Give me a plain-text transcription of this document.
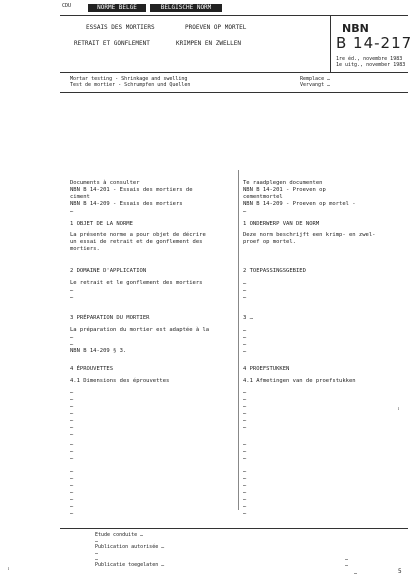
CDU	NORME BELGE	BELGISCHE NORM
NBN
B 14-217
1re éd., novembre 1983
1e uitg., november 1983
ESSAIS DES MORTIERS
RETRAIT ET GONFLEMENT
PROEVEN OP MORTEL
KRIMPEN EN ZWELLEN
Mortar testing - Shrinkage and swelling
Test de mortier - Schrumpfen und Quellen
Remplace …
Vervangt …
…
…
Documents à consulter
NBN B 14-201 - Essais des mortiers de
ciment
NBN B 14-209 - Essais des mortiers
…
1 OBJET DE LA NORME
La présente norme a pour objet de décrire
un essai de retrait et de gonflement des
mortiers.
2 DOMAINE D'APPLICATION
Le retrait et le gonflement des mortiers
…
…
3 PRÉPARATION DU MORTIER
La préparation du mortier est adaptée à la
…
…
NBN B 14-209 § 3.
4 ÉPROUVETTES
4.1 Dimensions des éprouvettes
…
…
…
…
…
…
…
…
…
…
…
…
…
…
…
…
…
Te raadplegen documenten
NBN B 14-201 - Proeven op
cementmortel
NBN B 14-209 - Proeven op mortel -
…
1 ONDERWERP VAN DE NORM
Deze norm beschrijft een krimp- en zwel-
proef op mortel.
2 TOEPASSINGSGEBIED
…
…
…
3 …
…
…
…
…
4 PROEFSTUKKEN
4.1 Afmetingen van de proefstukken
…
…
…
…
…
…
…
…
…
…
…
…
…
…
…
…
Etude conduite …
…
Publication autorisée …
…
…
Publicatie toegelaten …
…
…
…	5
